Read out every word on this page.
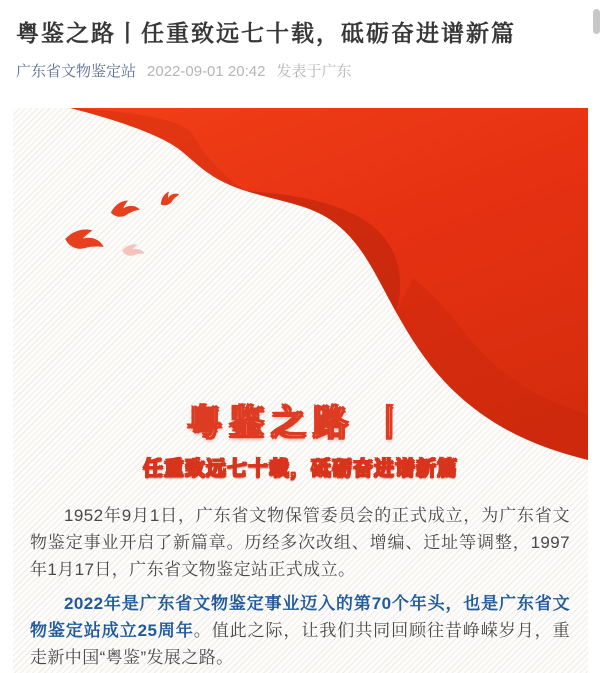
粤鉴之路丨任重致远七十载，砥砺奋进谱新篇
广东省文物鉴定站 2022-09-01 20:42 发表于广东
粤鉴之路 丨
任重致远七十载，砥砺奋进谱新篇

1952年9月1日，广东省文物保管委员会的正式成立，为广东省文物鉴定事业开启了新篇章。历经多次改组、增编、迁址等调整，1997年1月17日，广东省文物鉴定站正式成立。

2022年是广东省文物鉴定事业迈入的第70个年头，也是广东省文物鉴定站成立25周年。值此之际，让我们共同回顾往昔峥嵘岁月，重走新中国“粤鉴”发展之路。
